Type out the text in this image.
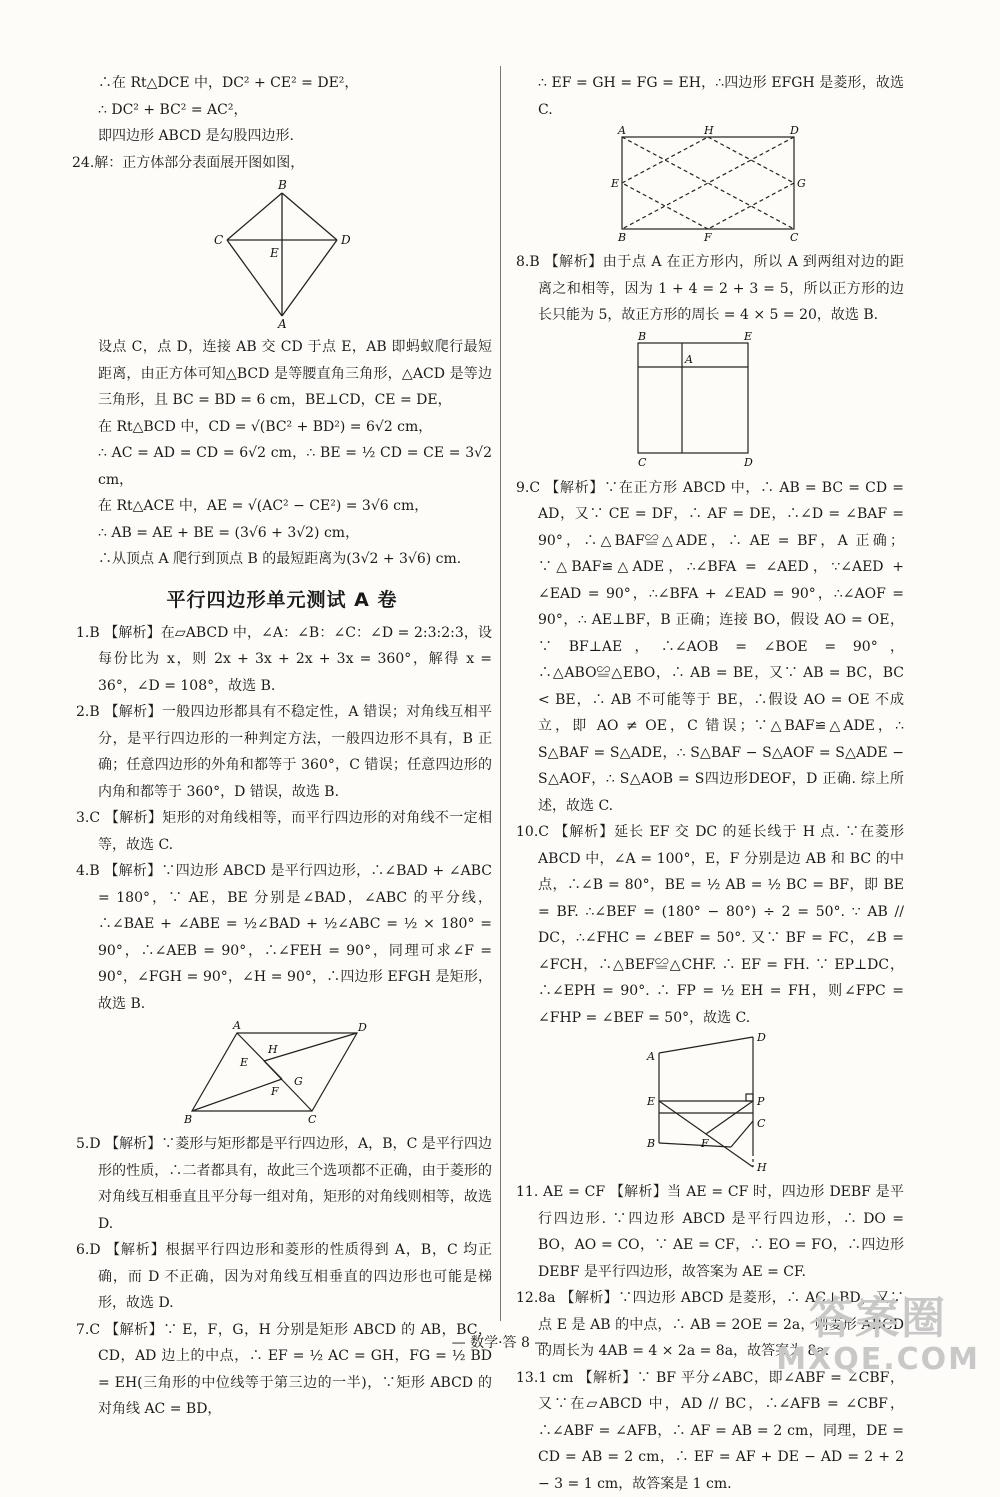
∴在 Rt△DCE 中，DC² + CE² = DE²，

∴ DC² + BC² = AC²，

即四边形 ABCD 是勾股四边形.

24.解：正方体部分表面展开图如图，

B
C	D
E
A

设点 C，点 D，连接 AB 交 CD 于点 E，AB 即蚂蚁爬行最短距离，由正方体可知△BCD 是等腰直角三角形，△ACD 是等边三角形，且 BC = BD = 6 cm，BE⊥CD，CE = DE，

在 Rt△BCD 中，CD = √(BC² + BD²) = 6√2 cm，

∴ AC = AD = CD = 6√2 cm，∴ BE = ½ CD = CE = 3√2 cm，

在 Rt△ACE 中，AE = √(AC² − CE²) = 3√6 cm，

∴ AB = AE + BE = (3√6 + 3√2) cm，

∴从顶点 A 爬行到顶点 B 的最短距离为(3√2 + 3√6) cm.

平行四边形单元测试 A 卷

1.B 【解析】在▱ABCD 中，∠A：∠B：∠C：∠D = 2:3:2:3，设每份比为 x，则 2x + 3x + 2x + 3x = 360°，解得 x = 36°，∠D = 108°，故选 B.

2.B 【解析】一般四边形都具有不稳定性，A 错误；对角线互相平分，是平行四边形的一种判定方法，一般四边形不具有，B 正确；任意四边形的外角和都等于 360°，C 错误；任意四边形的内角和都等于 360°，D 错误，故选 B.

3.C 【解析】矩形的对角线相等，而平行四边形的对角线不一定相等，故选 C.

4.B 【解析】∵四边形 ABCD 是平行四边形，∴∠BAD + ∠ABC = 180°，∵ AE，BE 分别是∠BAD，∠ABC 的平分线，∴∠BAE + ∠ABE = ½∠BAD + ½∠ABC = ½ × 180° = 90°，∴∠AEB = 90°，∴∠FEH = 90°，同理可求∠F = 90°，∠FGH = 90°，∠H = 90°，∴四边形 EFGH 是矩形，故选 B.

A	D
H
E
G
F
B	C

5.D 【解析】∵菱形与矩形都是平行四边形，A，B，C 是平行四边形的性质，∴二者都具有，故此三个选项都不正确，由于菱形的对角线互相垂直且平分每一组对角，矩形的对角线则相等，故选 D.

6.D 【解析】根据平行四边形和菱形的性质得到 A，B，C 均正确，而 D 不正确，因为对角线互相垂直的四边形也可能是梯形，故选 D.

7.C 【解析】∵ E，F，G，H 分别是矩形 ABCD 的 AB，BC，CD，AD 边上的中点，∴ EF = ½ AC = GH，FG = ½ BD = EH(三角形的中位线等于第三边的一半)，∵矩形 ABCD 的对角线 AC = BD，

∴ EF = GH = FG = EH，∴四边形 EFGH 是菱形，故选 C.

A	H	D
E	G
B	F	C

8.B 【解析】由于点 A 在正方形内，所以 A 到两组对边的距离之和相等，因为 1 + 4 = 2 + 3 = 5，所以正方形的边长只能为 5，故正方形的周长 = 4 × 5 = 20，故选 B.

B	E
A
C	D

9.C 【解析】∵在正方形 ABCD 中，∴ AB = BC = CD = AD，又∵ CE = DF，∴ AF = DE，∴∠D = ∠BAF = 90°，∴△BAF≌△ADE，∴ AE = BF，A 正确；∵△BAF≌△ADE，∴∠BFA = ∠AED，∵∠AED + ∠EAD = 90°，∴∠BFA + ∠EAD = 90°，∴∠AOF = 90°，∴ AE⊥BF，B 正确；连接 BO，假设 AO = OE，∵ BF⊥AE，∴∠AOB = ∠BOE = 90°，∴△ABO≌△EBO，∴ AB = BE，又∵ AB = BC，BC < BE，∴ AB 不可能等于 BE，∴假设 AO = OE 不成立，即 AO ≠ OE，C 错误；∵△BAF≌△ADE，∴ S△BAF = S△ADE，∴ S△BAF − S△AOF = S△ADE − S△AOF，∴ S△AOB = S四边形DEOF，D 正确. 综上所述，故选 C.

10.C 【解析】延长 EF 交 DC 的延长线于 H 点. ∵在菱形 ABCD 中，∠A = 100°，E，F 分别是边 AB 和 BC 的中点，∴∠B = 80°，BE = ½ AB = ½ BC = BF，即 BE = BF. ∴∠BEF = (180° − 80°) ÷ 2 = 50°. ∵ AB // DC，∴∠FHC = ∠BEF = 50°. 又∵ BF = FC，∠B = ∠FCH，∴△BEF≌△CHF. ∴ EF = FH. ∵ EP⊥DC，∴∠EPH = 90°. ∴ FP = ½ EH = FH，则∠FPC = ∠FHP = ∠BEF = 50°，故选 C.

D
A
E	P
C
B	F
H

11. AE = CF 【解析】当 AE = CF 时，四边形 DEBF 是平行四边形. ∵四边形 ABCD 是平行四边形，∴ DO = BO，AO = CO，∵ AE = CF，∴ EO = FO，∴四边形 DEBF 是平行四边形，故答案为 AE = CF.

12.8a 【解析】∵四边形 ABCD 是菱形，∴ AC⊥BD，又∵点 E 是 AB 的中点，∴ AB = 2OE = 2a，则菱形 ABCD 的周长为 4AB = 4 × 2a = 8a，故答案为 8a.

13.1 cm 【解析】∵ BF 平分∠ABC，即∠ABF = ∠CBF，又∵在▱ABCD 中，AD // BC，∴∠AFB = ∠CBF，∴∠ABF = ∠AFB，∴ AF = AB = 2 cm，同理，DE = CD = AB = 2 cm，∴ EF = AF + DE − AD = 2 + 2 − 3 = 1 cm，故答案是 1 cm.

— 数学·答 8 —	答案圈
MXQE.COM
